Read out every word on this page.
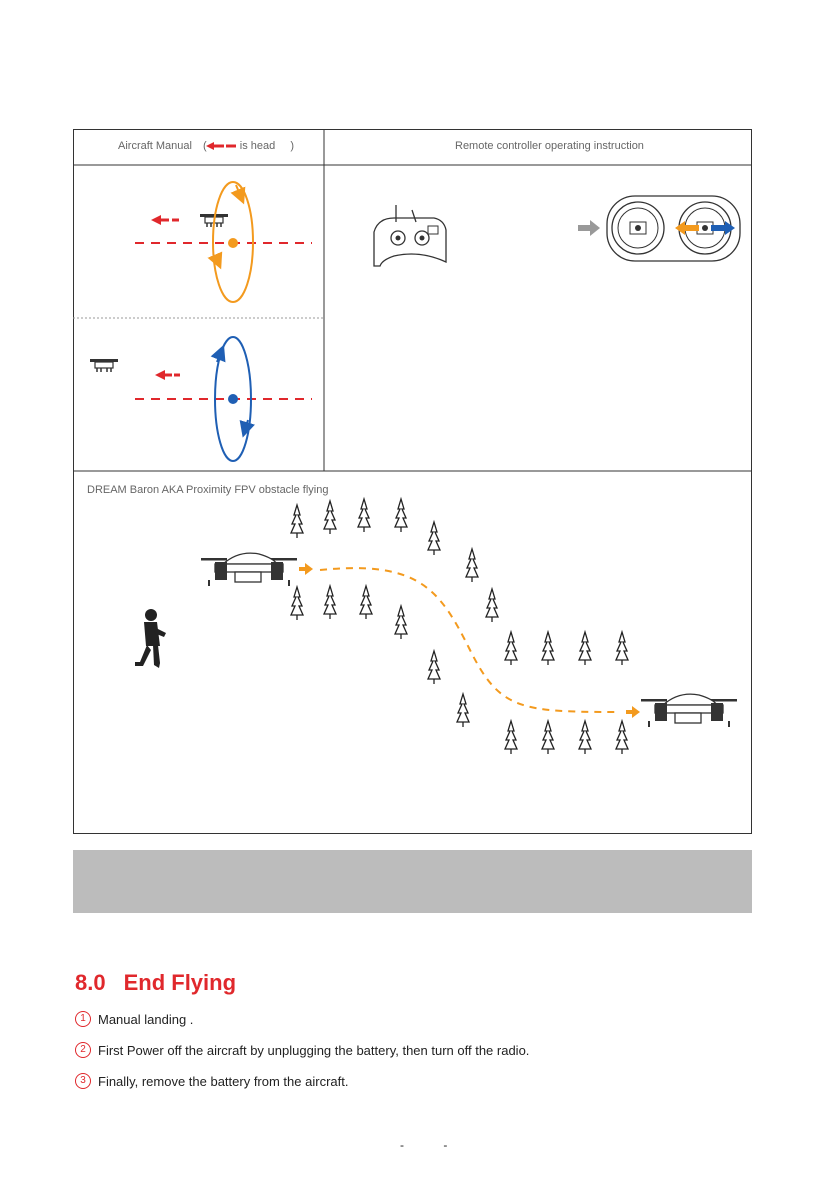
Aircraft Manual (	is head )	Remote controller operating instruction
DREAM Baron AKA Proximity FPV obstacle flying
8.0 End Flying
1 Manual landing .
2 First Power off the aircraft by unplugging the battery, then turn off the radio.
3 Finally, remove the battery from the aircraft.
- -
